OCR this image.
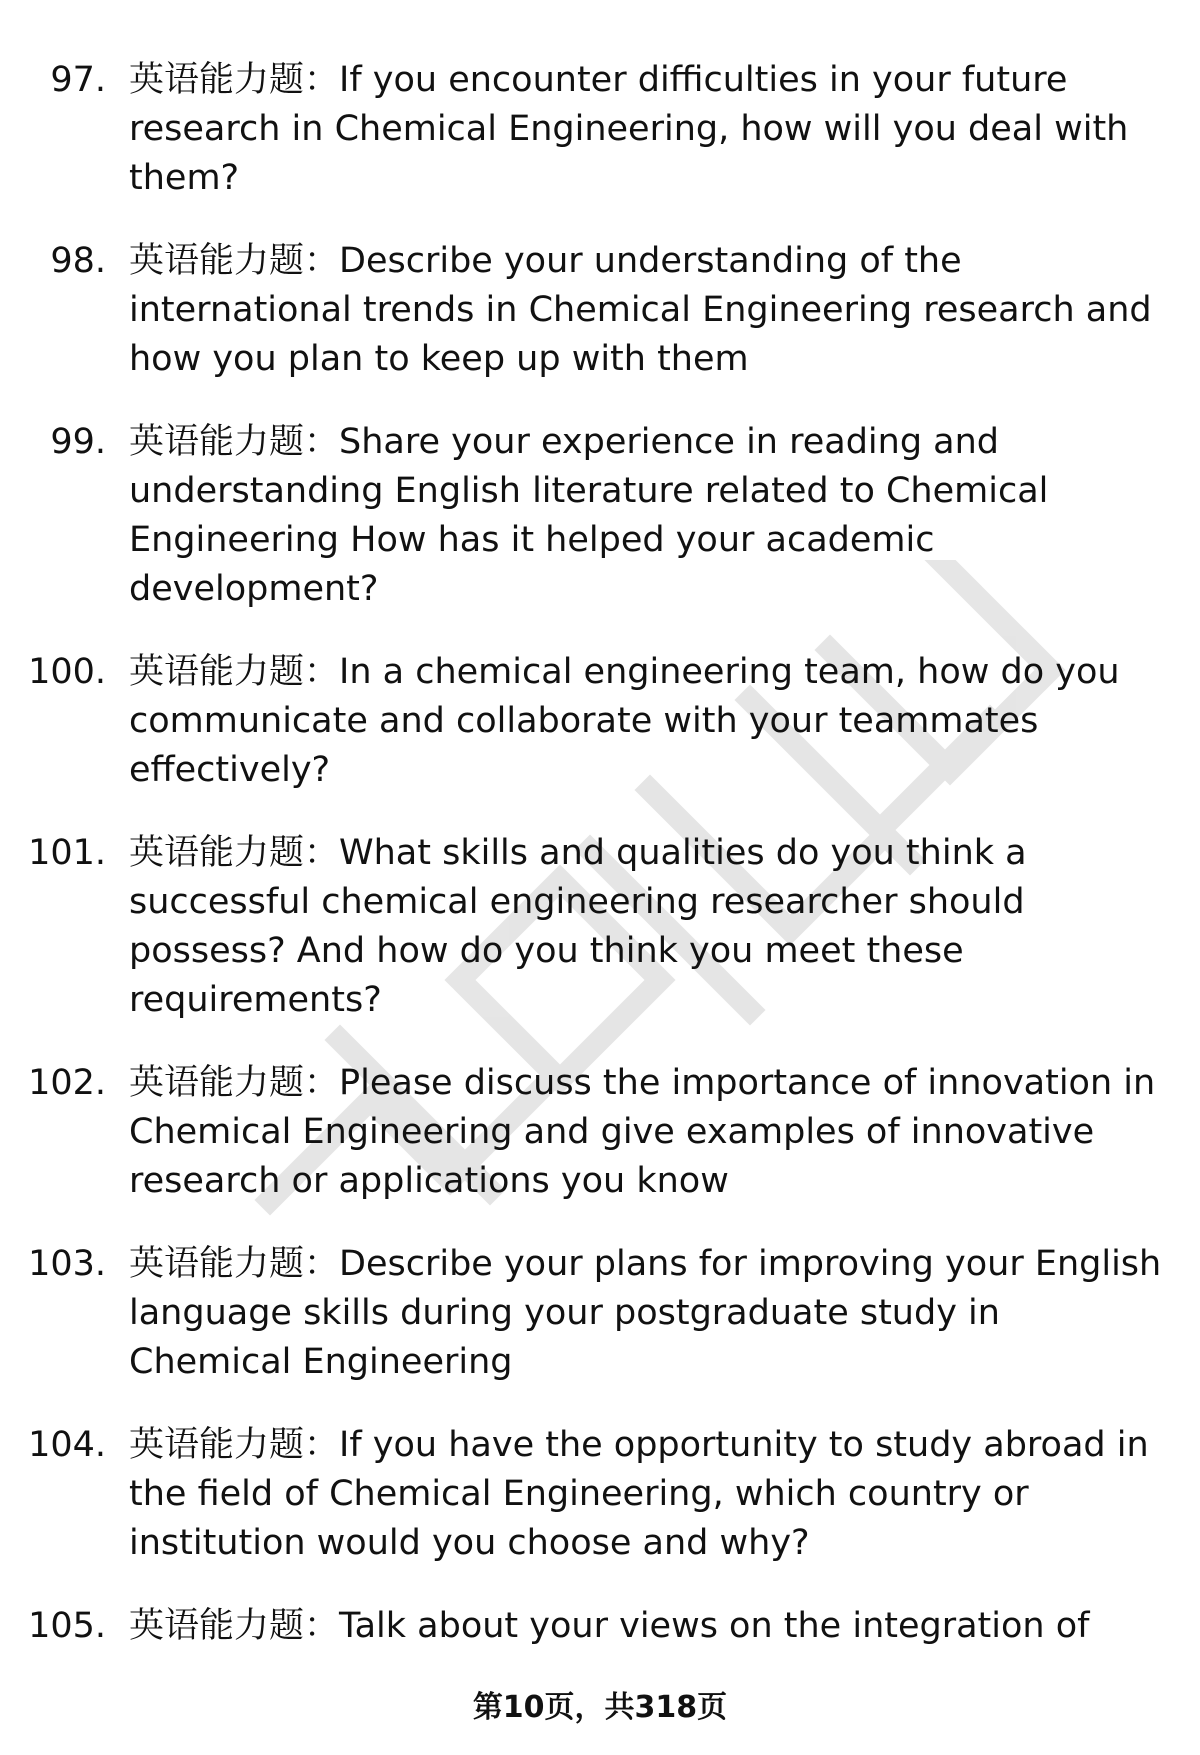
97. 英语能力题：If you encounter difficulties in your future research in Chemical Engineering, how will you deal with them?
98. 英语能力题：Describe your understanding of the international trends in Chemical Engineering research and how you plan to keep up with them
99. 英语能力题：Share your experience in reading and understanding English literature related to Chemical Engineering How has it helped your academic development?
100. 英语能力题：In a chemical engineering team, how do you communicate and collaborate with your teammates effectively?
101. 英语能力题：What skills and qualities do you think a successful chemical engineering researcher should possess? And how do you think you meet these requirements?
102. 英语能力题：Please discuss the importance of innovation in Chemical Engineering and give examples of innovative research or applications you know
103. 英语能力题：Describe your plans for improving your English language skills during your postgraduate study in Chemical Engineering
104. 英语能力题：If you have the opportunity to study abroad in the field of Chemical Engineering, which country or institution would you choose and why?
105. 英语能力题：Talk about your views on the integration of
第10页，共318页
